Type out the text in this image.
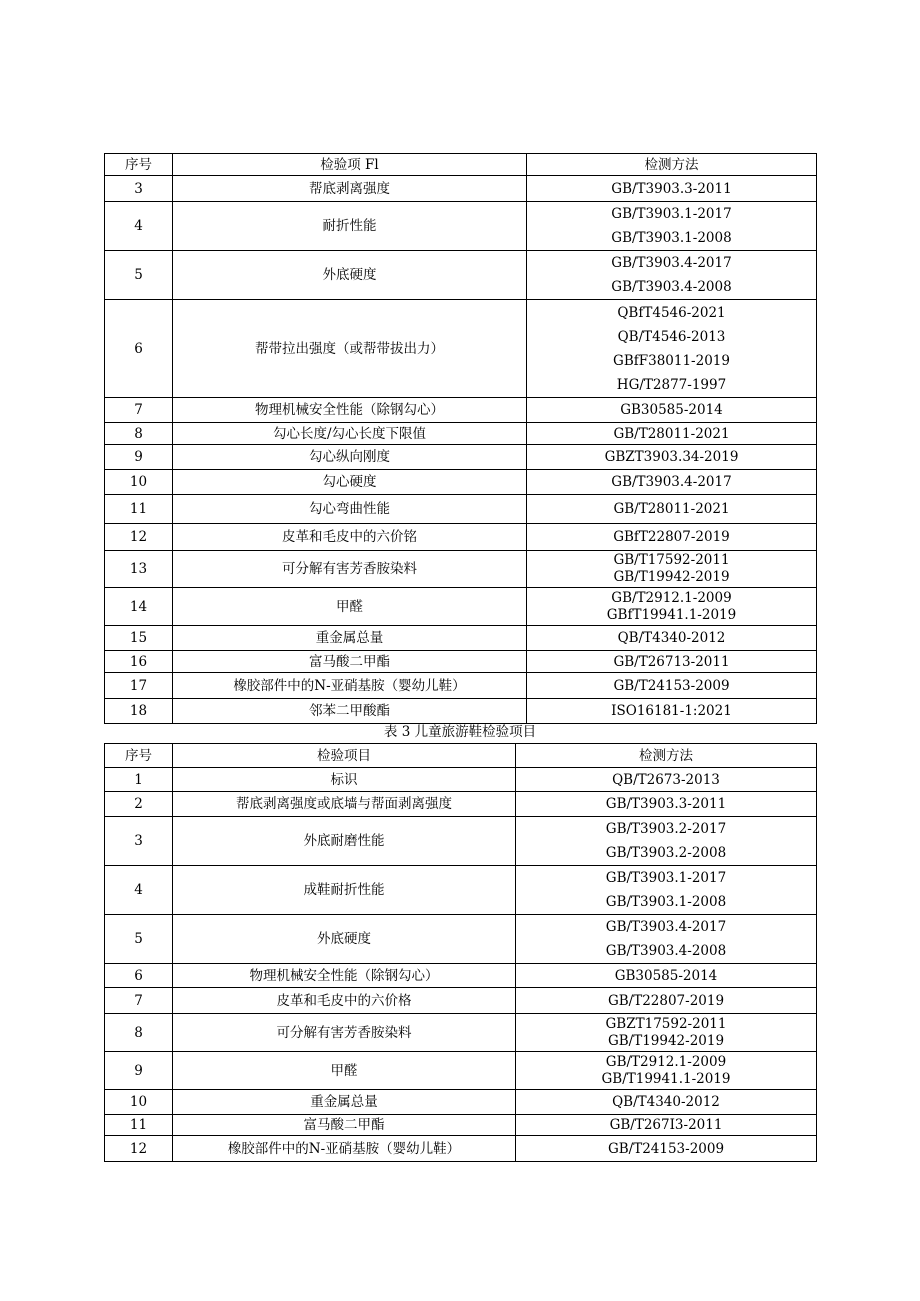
序号	检验项 Fl	检测方法
3	帮底剥离强度	GB/T3903.3-2011
4	耐折性能	GB/T3903.1-2017
GB/T3903.1-2008

5	外底硬度	GB/T3903.4-2017
GB/T3903.4-2008

6	帮带拉出强度（或帮带拔出力）	QBfT4546-2021
QB/T4546-2013
GBfF38011-2019
HG/T2877-1997

7	物理机械安全性能（除钢勾心）	GB30585-2014
8	勾心长度/勾心长度下限值	GB/T28011-2021
9	勾心纵向刚度	GBZT3903.34-2019
10	勾心硬度	GB/T3903.4-2017
11	勾心弯曲性能	GB/T28011-2021
12	皮革和毛皮中的六价铭	GBfT22807-2019
13	可分解有害芳香胺染料	GB/T17592-2011
GB/T19942-2019

14	甲醛	GB/T2912.1-2009
GBfT19941.1-2019

15	重金属总量	QB/T4340-2012
16	富马酸二甲酯	GB/T26713-2011
17	橡胶部件中的N-亚硝基胺（婴幼儿鞋）	GB/T24153-2009
18	邻苯二甲酸酯	ISO16181-1:2021
表 3 儿童旅游鞋检验项目
序号	检验项目	检测方法
1	标识	QB/T2673-2013
2	帮底剥离强度或底墙与帮面剥离强度	GB/T3903.3-2011
3	外底耐磨性能	GB/T3903.2-2017
GB/T3903.2-2008

4	成鞋耐折性能	GB/T3903.1-2017
GB/T3903.1-2008

5	外底硬度	GB/T3903.4-2017
GB/T3903.4-2008

6	物理机械安全性能（除钢勾心）	GB30585-2014
7	皮革和毛皮中的六价格	GB/T22807-2019
8	可分解有害芳香胺染料	GBZT17592-2011
GB/T19942-2019

9	甲醛	GB/T2912.1-2009
GB/T19941.1-2019

10	重金属总量	QB/T4340-2012
11	富马酸二甲酯	GB/T267I3-2011
12	橡胶部件中的N-亚硝基胺（婴幼儿鞋）	GB/T24153-2009
